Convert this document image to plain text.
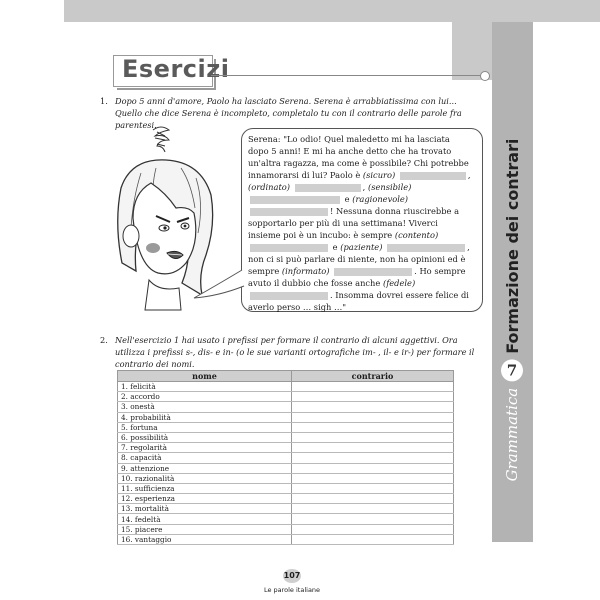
Grammatica
7
Formazione dei contrari
Esercizi
1. Dopo 5 anni d'amore, Paolo ha lasciato Serena. Serena è arrabbiatissima con lui... Quello che dice Serena è incompleto, completalo tu con il contrario delle parole fra parentesi.
Serena: "Lo odio! Quel maledetto mi ha lasciata dopo 5 anni! E mi ha anche detto che ha trovato un'altra ragazza, ma come è possibile? Chi potrebbe innamorarsi di lui? Paolo è (sicuro)	, (ordinato)	, (sensibile)  e (ragionevole) ! Nessuna donna riuscirebbe a sopportarlo per più di una settimana! Viverci insieme poi è un incubo: è sempre (contento)  e (paziente)	, non ci si può parlare di niente, non ha opinioni ed è sempre (informato)	. Ho sempre avuto il dubbio che fosse anche (fedele) . Insomma dovrei essere felice di averlo perso … sigh …"
2. Nell'esercizio 1 hai usato i prefissi per formare il contrario di alcuni aggettivi. Ora utilizza i prefissi s-, dis- e in- (o le sue varianti ortografiche im- , il- e ir-) per formare il contrario dei nomi.
nome	contrario
1. felicità	
2. accordo	
3. onestà	
4. probabilità	
5. fortuna	
6. possibilità	
7. regolarità	
8. capacità	
9. attenzione	
10. razionalità	
11. sufficienza	
12. esperienza	
13. mortalità	
14. fedeltà	
15. piacere	
16. vantaggio	
107
Le parole italiane
